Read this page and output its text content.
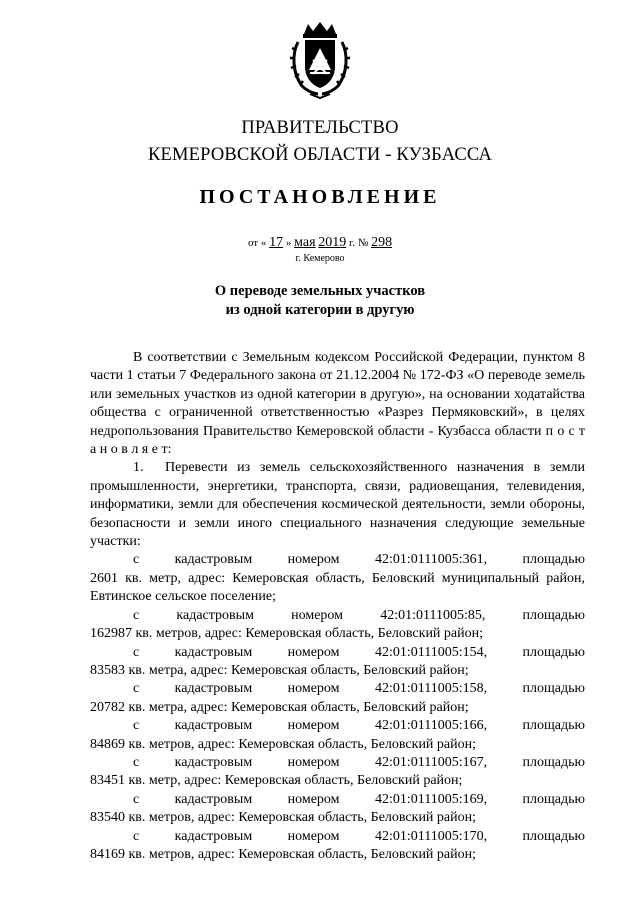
ПРАВИТЕЛЬСТВО
КЕМЕРОВСКОЙ ОБЛАСТИ - КУЗБАССА
ПОСТАНОВЛЕНИЕ
от « 17 » мая 2019 г. № 298
г. Кемерово
О переводе земельных участков
из одной категории в другую

В соответствии с Земельным кодексом Российской Федерации, пунктом 8 части 1 статьи 7 Федерального закона от 21.12.2004 № 172-ФЗ «О переводе земель или земельных участков из одной категории в другую», на основании ходатайства общества с ограниченной ответственностью «Разрез Пермяковский», в целях недропользования Правительство Кемеровской области - Кузбасса области п о с т а н о в л я е т:

1. Перевести из земель сельскохозяйственного назначения в земли промышленности, энергетики, транспорта, связи, радиовещания, телевидения, информатики, земли для обеспечения космической деятельности, земли обороны, безопасности и земли иного специального назначения следующие земельные участки:

с	кадастровым	номером	42:01:0111005:361,	площадью

2601 кв. метр, адрес: Кемеровская область, Беловский муниципальный район, Евтинское сельское поселение;

с	кадастровым	номером	42:01:0111005:85,	площадью

162987 кв. метров, адрес: Кемеровская область, Беловский район;

с	кадастровым	номером	42:01:0111005:154,	площадью

83583 кв. метра, адрес: Кемеровская область, Беловский район;

с	кадастровым	номером	42:01:0111005:158,	площадью

20782 кв. метра, адрес: Кемеровская область, Беловский район;

с	кадастровым	номером	42:01:0111005:166,	площадью

84869 кв. метров, адрес: Кемеровская область, Беловский район;

с	кадастровым	номером	42:01:0111005:167,	площадью

83451 кв. метр, адрес: Кемеровская область, Беловский район;

с	кадастровым	номером	42:01:0111005:169,	площадью

83540 кв. метров, адрес: Кемеровская область, Беловский район;

с	кадастровым	номером	42:01:0111005:170,	площадью

84169 кв. метров, адрес: Кемеровская область, Беловский район;
